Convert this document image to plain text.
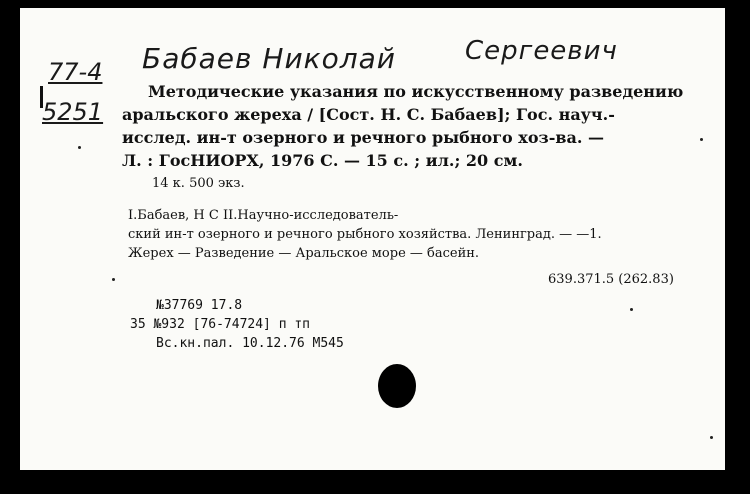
77-4
5251
Бабаев Николай	Сергеевич
Методические указания по искусственному разведению
аральского жереха / [Сост. Н. С. Бабаев]; Гос. науч.-
исслед. ин-т озерного и речного рыбного хоз-ва. —
Л. : ГосНИОРХ, 1976 С. — 15 с. ; ил.; 20 см.
14 к. 500 экз.
I.Бабаев, Н С II.Научно-исследователь-
ский ин-т озерного и речного рыбного хозяйства. Ленинград. — —1.
Жерех — Разведение — Аральское море — басейн.
639.371.5 (262.83)
№37769 17.8
35 №932 [76-74724] п тп
Вс.кн.пал. 10.12.76 М545
